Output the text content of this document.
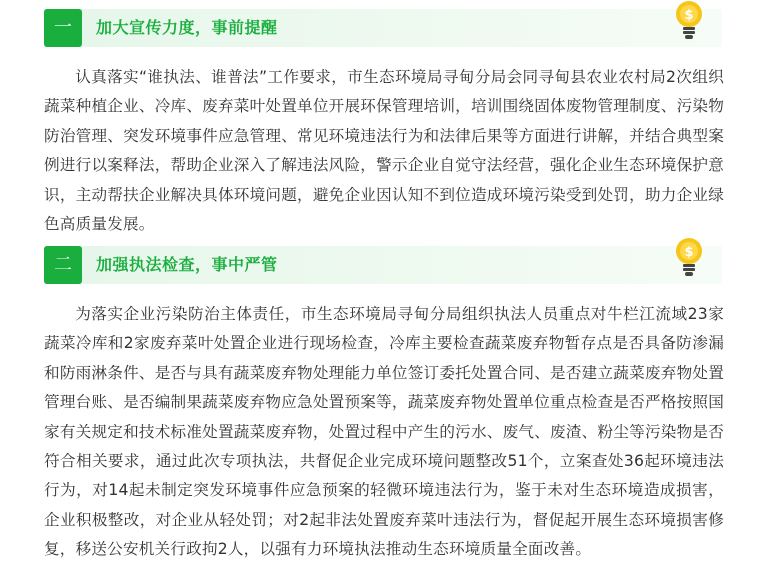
一	加大宣传力度，事前提醒
$

认真落实“谁执法、谁普法”工作要求，市生态环境局寻甸分局会同寻甸县农业农村局2次组织蔬菜种植企业、冷库、废弃菜叶处置单位开展环保管理培训，培训围绕固体废物管理制度、污染物防治管理、突发环境事件应急管理、常见环境违法行为和法律后果等方面进行讲解，并结合典型案例进行以案释法，帮助企业深入了解违法风险，警示企业自觉守法经营，强化企业生态环境保护意识，主动帮扶企业解决具体环境问题，避免企业因认知不到位造成环境污染受到处罚，助力企业绿色高质量发展。

二	加强执法检查，事中严管
$

为落实企业污染防治主体责任，市生态环境局寻甸分局组织执法人员重点对牛栏江流域23家蔬菜冷库和2家废弃菜叶处置企业进行现场检查，冷库主要检查蔬菜废弃物暂存点是否具备防渗漏和防雨淋条件、是否与具有蔬菜废弃物处理能力单位签订委托处置合同、是否建立蔬菜废弃物处置管理台账、是否编制果蔬菜废弃物应急处置预案等，蔬菜废弃物处置单位重点检查是否严格按照国家有关规定和技术标准处置蔬菜废弃物，处置过程中产生的污水、废气、废渣、粉尘等污染物是否符合相关要求，通过此次专项执法，共督促企业完成环境问题整改51个，立案查处36起环境违法行为，对14起未制定突发环境事件应急预案的轻微环境违法行为，鉴于未对生态环境造成损害，企业积极整改，对企业从轻处罚；对2起非法处置废弃菜叶违法行为，督促起开展生态环境损害修复，移送公安机关行政拘2人，以强有力环境执法推动生态环境质量全面改善。
